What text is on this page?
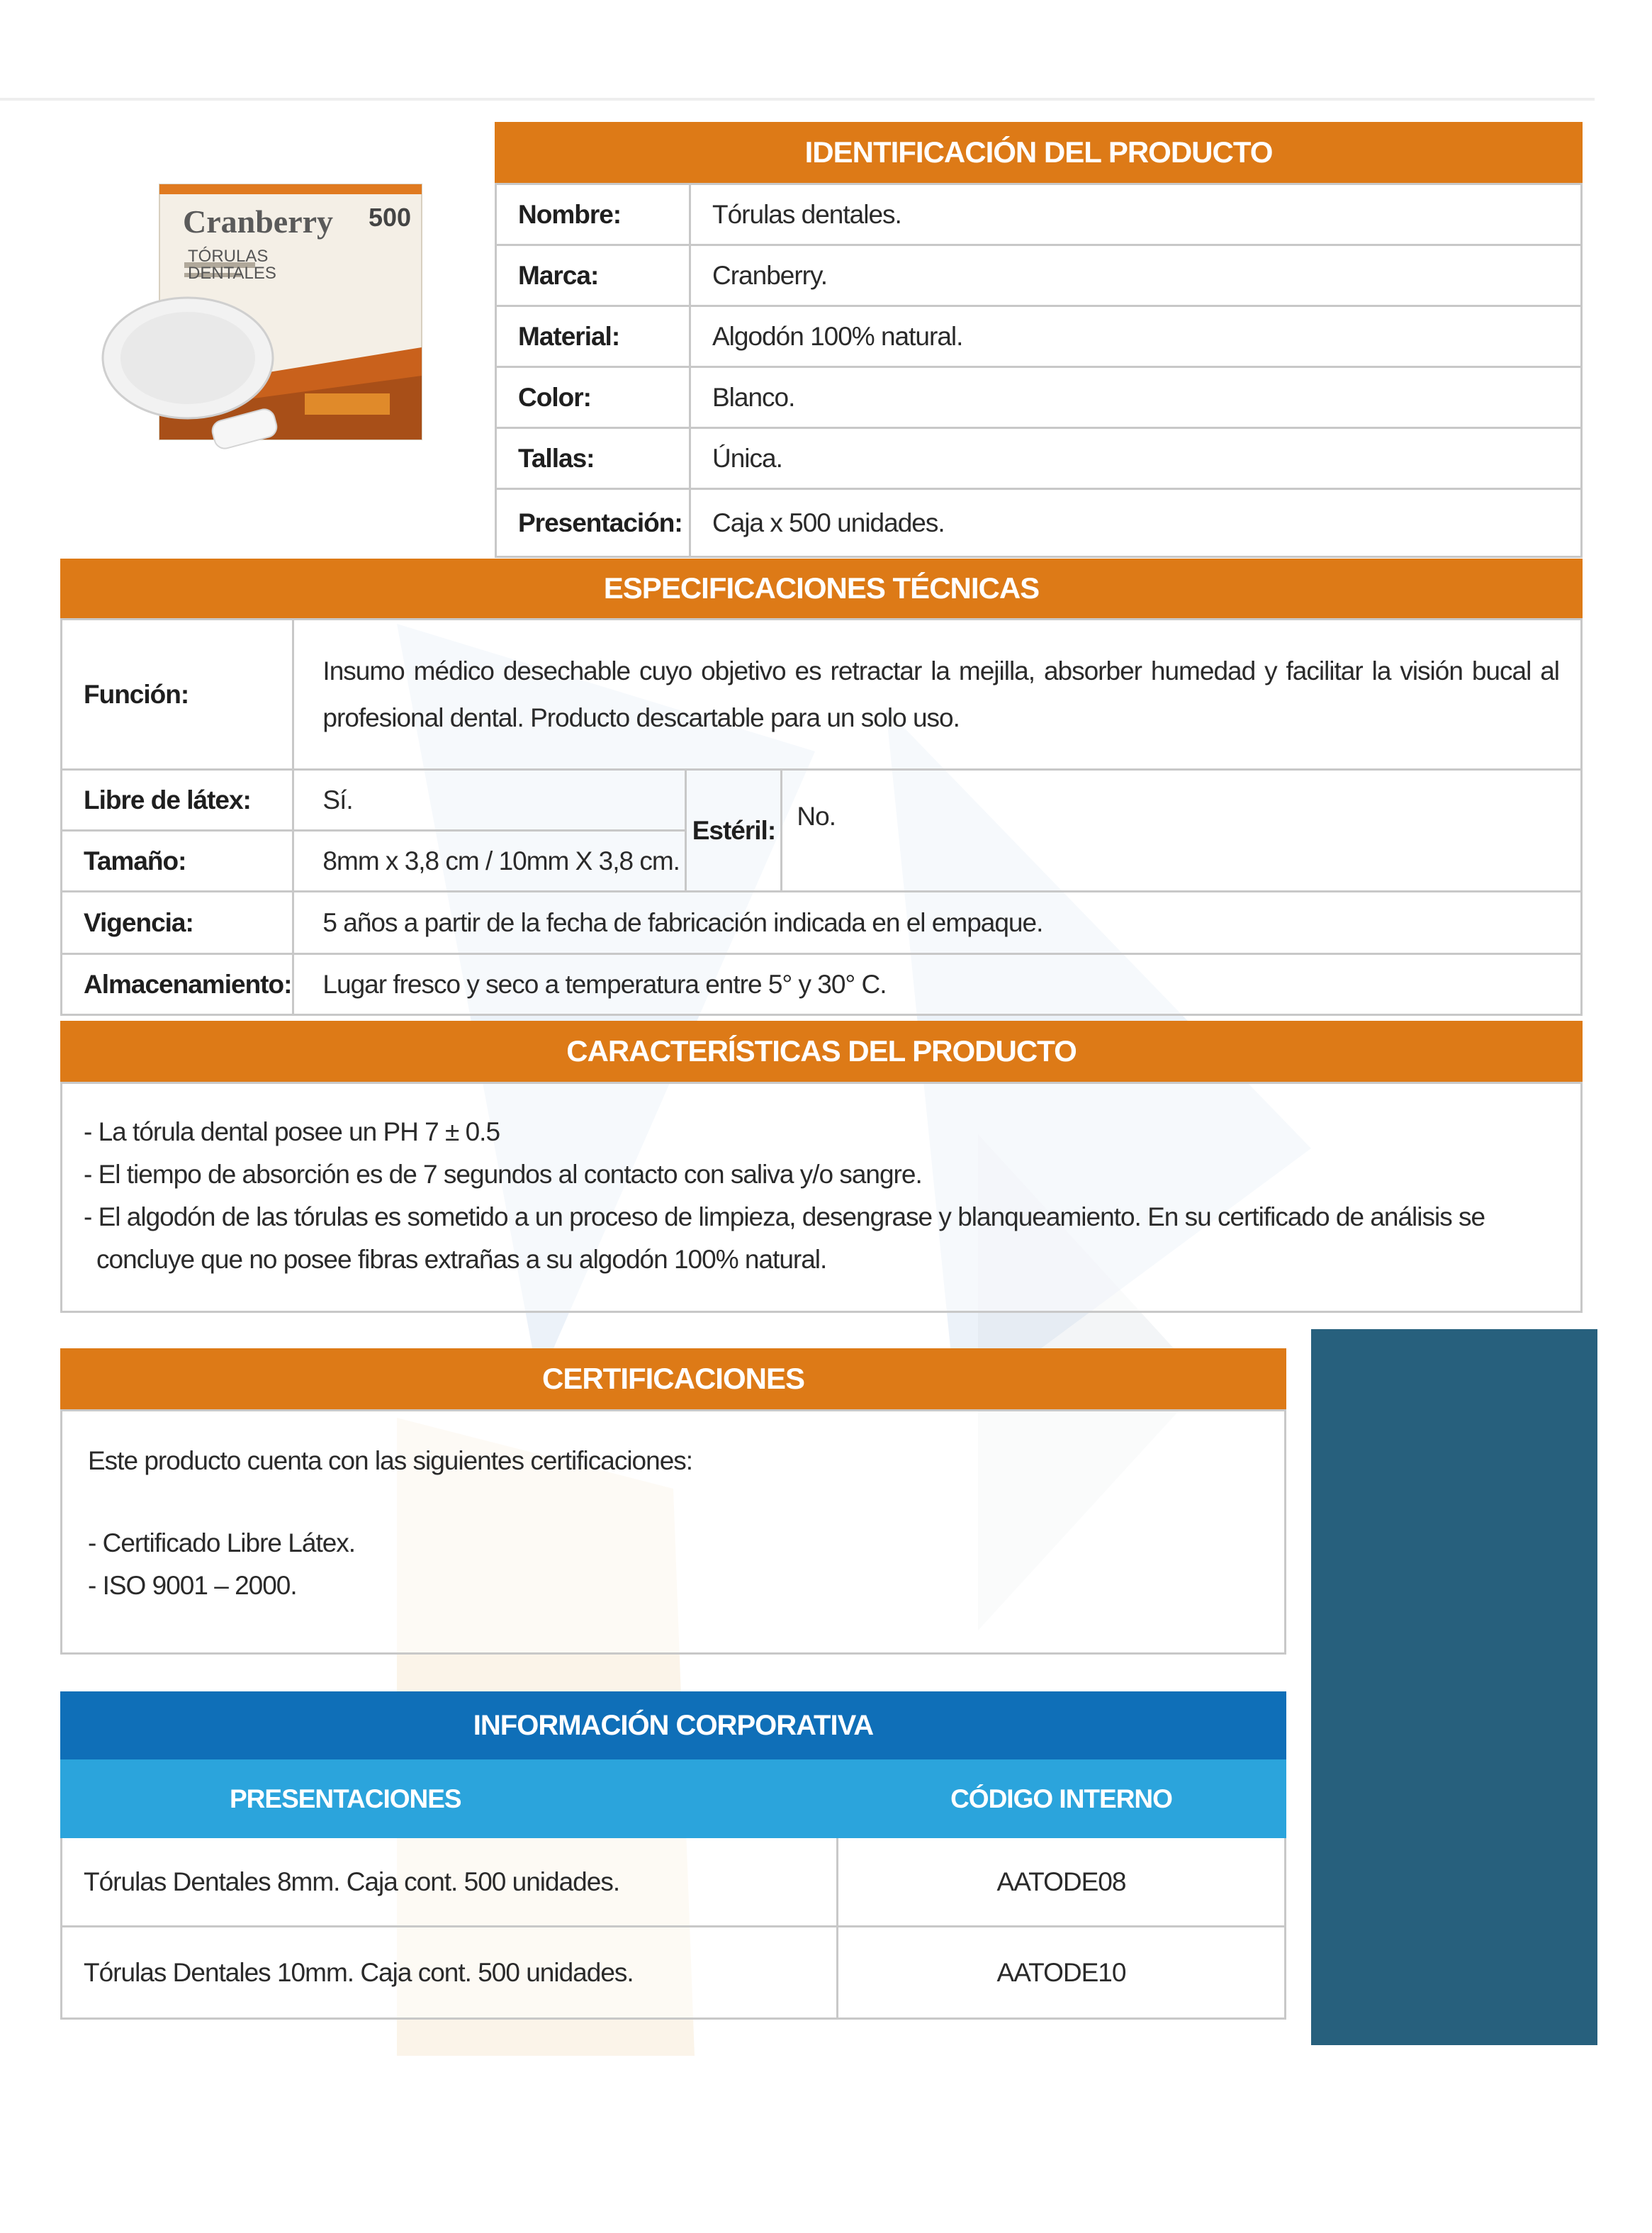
Cranberry 500
TÓRULAS
DENTALES
IDENTIFICACIÓN DEL PRODUCTO
Nombre:	Tórulas dentales.
Marca:	Cranberry.
Material:	Algodón 100% natural.
Color:	Blanco.
Tallas:	Única.
Presentación:	Caja x 500 unidades.
ESPECIFICACIONES TÉCNICAS
Función:	Insumo médico desechable cuyo objetivo es retractar la mejilla, absorber humedad y facilitar la visión bucal al profesional dental. Producto descartable para un solo uso.		
Libre de látex:	Sí.	Estéril:	No.
Tamaño:	8mm x 3,8 cm / 10mm X 3,8 cm.		
Vigencia:	5 años a partir de la fecha de fabricación indicada en el empaque.		
Almacenamiento:	Lugar fresco y seco a temperatura entre 5° y 30° C.		
CARACTERÍSTICAS DEL PRODUCTO

- La tórula dental posee un PH 7 ± 0.5

- El tiempo de absorción es de 7 segundos al contacto con saliva y/o sangre.

- El algodón de las tórulas es sometido a un proceso de limpieza, desengrase y blanqueamiento. En su certificado de análisis se concluye que no posee fibras extrañas a su algodón 100% natural.

CERTIFICACIONES

Este producto cuenta con las siguientes certificaciones:

- Certificado Libre Látex.

- ISO 9001 – 2000.

INFORMACIÓN CORPORATIVA
PRESENTACIONES	CÓDIGO INTERNO
Tórulas Dentales 8mm. Caja cont. 500 unidades.	AATODE08
Tórulas Dentales 10mm. Caja cont. 500 unidades.	AATODE10
